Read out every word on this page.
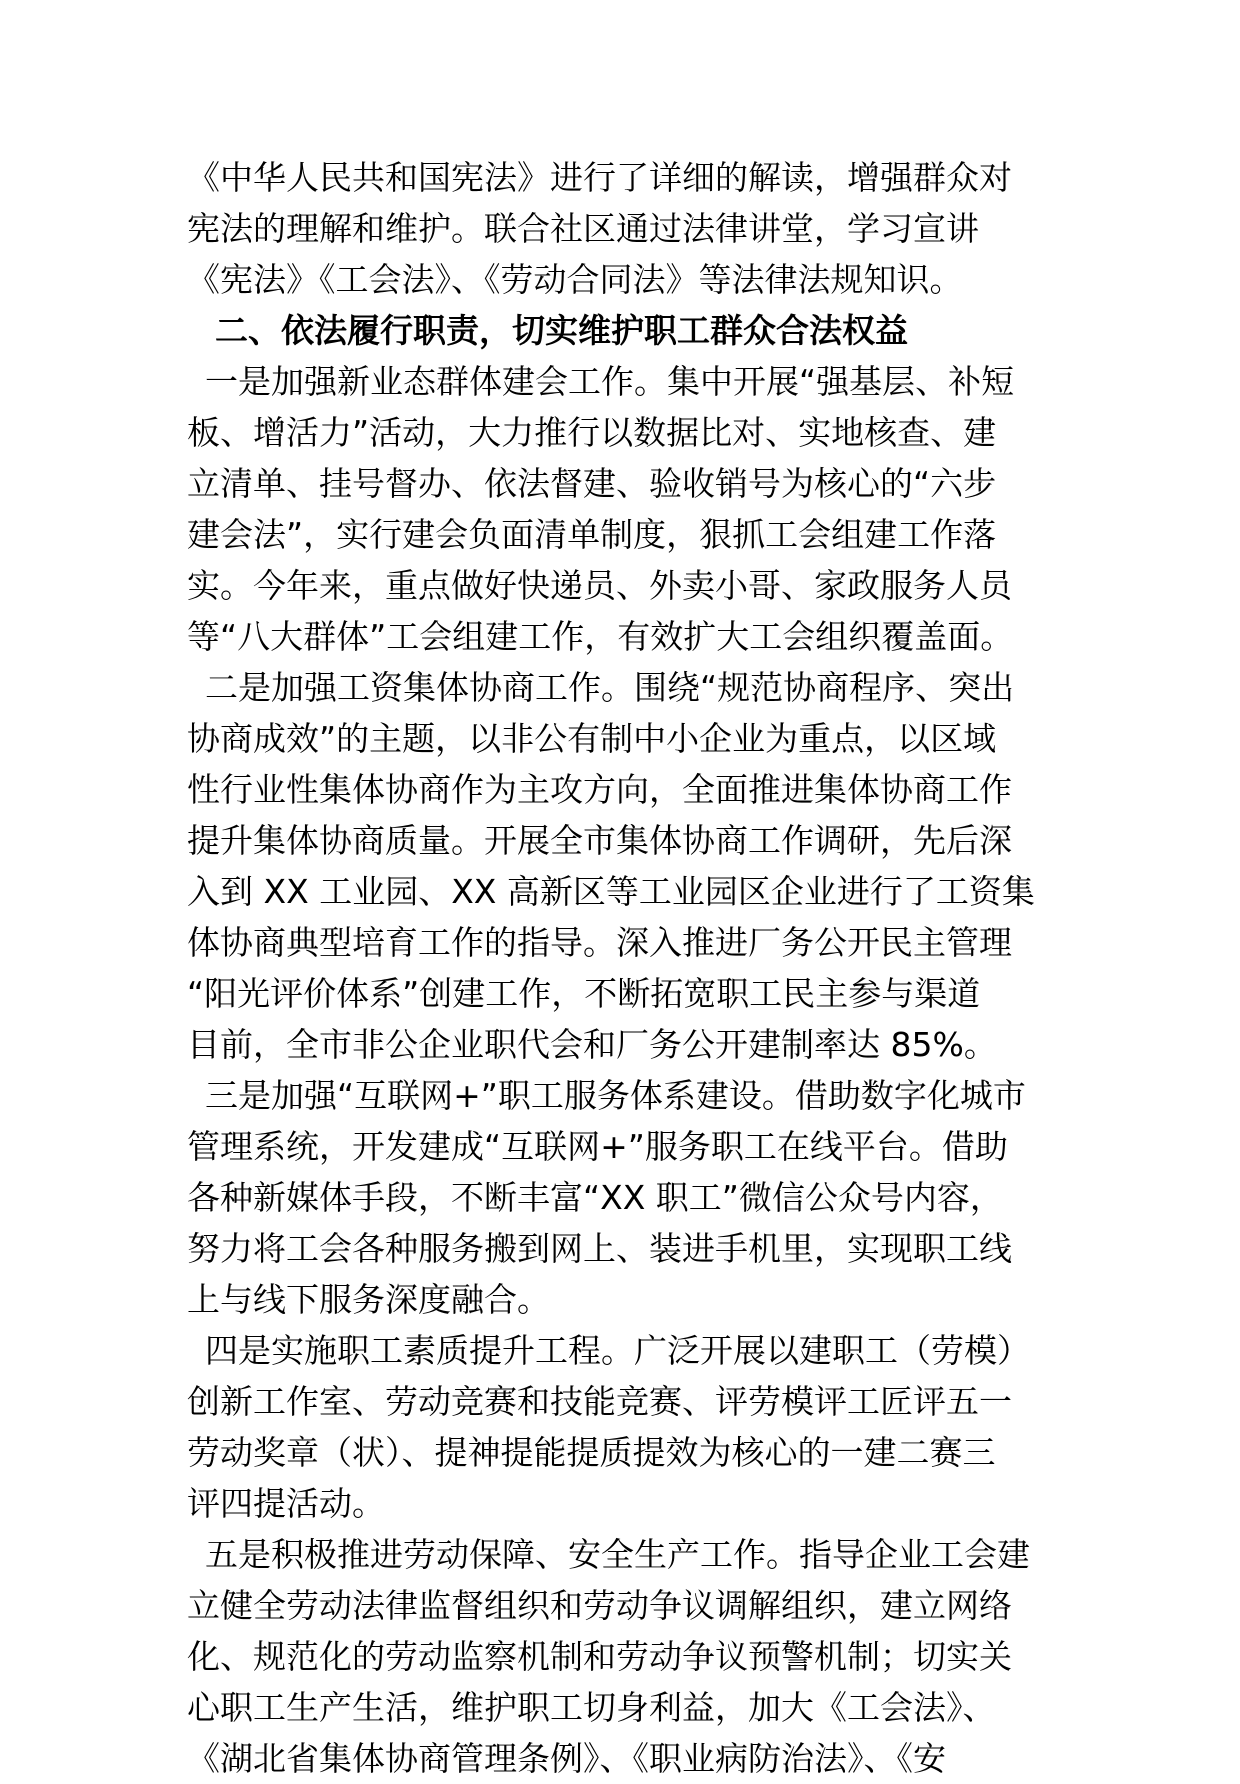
《中华人民共和国宪法》进行了详细的解读，增强群众对
宪法的理解和维护。联合社区通过法律讲堂，学习宣讲
《宪法》《工会法》、《劳动合同法》等法律法规知识。
二、依法履行职责，切实维护职工群众合法权益
一是加强新业态群体建会工作。集中开展“强基层、补短
板、增活力”活动，大力推行以数据比对、实地核查、建
立清单、挂号督办、依法督建、验收销号为核心的“六步
建会法”，实行建会负面清单制度，狠抓工会组建工作落
实。今年来，重点做好快递员、外卖小哥、家政服务人员
等“八大群体”工会组建工作，有效扩大工会组织覆盖面。
二是加强工资集体协商工作。围绕“规范协商程序、突出
协商成效”的主题，以非公有制中小企业为重点，以区域
性行业性集体协商作为主攻方向，全面推进集体协商工作
提升集体协商质量。开展全市集体协商工作调研，先后深
入到 XX 工业园、XX 高新区等工业园区企业进行了工资集
体协商典型培育工作的指导。深入推进厂务公开民主管理
“阳光评价体系”创建工作，不断拓宽职工民主参与渠道
目前，全市非公企业职代会和厂务公开建制率达 85%。
三是加强“互联网+”职工服务体系建设。借助数字化城市
管理系统，开发建成“互联网+”服务职工在线平台。借助
各种新媒体手段，不断丰富“XX 职工”微信公众号内容，
努力将工会各种服务搬到网上、装进手机里，实现职工线
上与线下服务深度融合。
四是实施职工素质提升工程。广泛开展以建职工（劳模）
创新工作室、劳动竞赛和技能竞赛、评劳模评工匠评五一
劳动奖章（状）、提神提能提质提效为核心的一建二赛三
评四提活动。
五是积极推进劳动保障、安全生产工作。指导企业工会建
立健全劳动法律监督组织和劳动争议调解组织，建立网络
化、规范化的劳动监察机制和劳动争议预警机制；切实关
心职工生产生活，维护职工切身利益，加大《工会法》、
《湖北省集体协商管理条例》、《职业病防治法》、《安
